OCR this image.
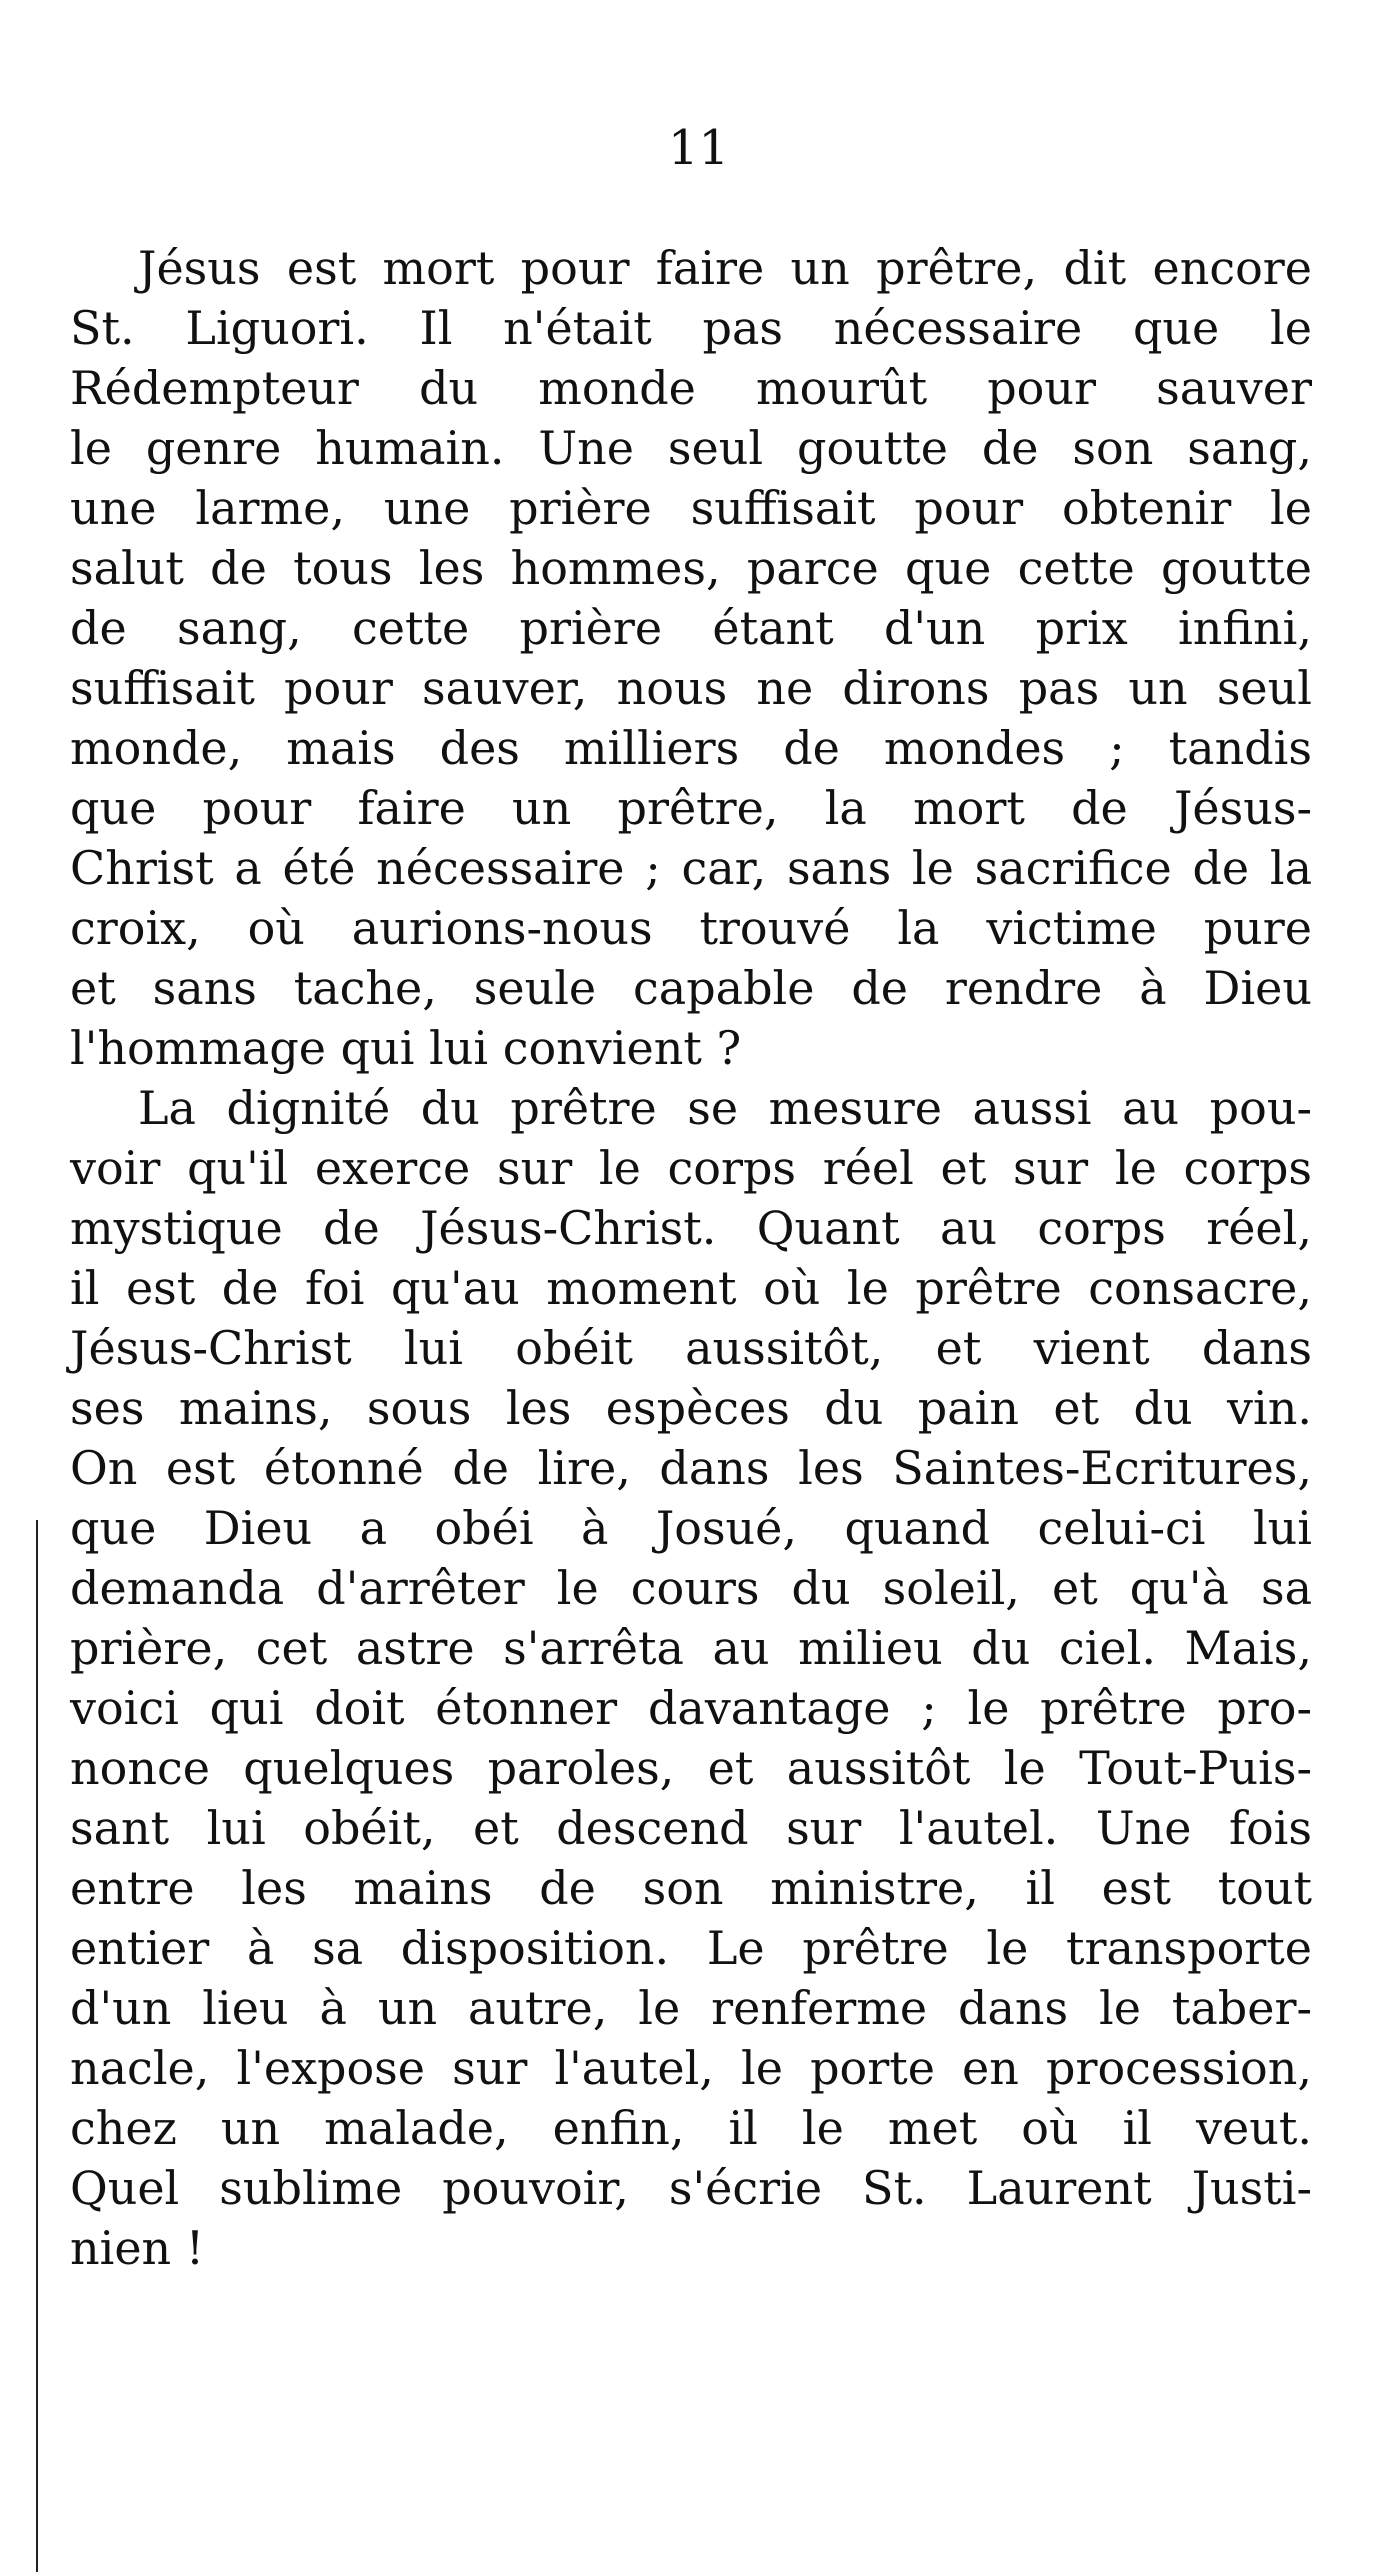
11
Jésus est mort pour faire un prêtre, dit encore
St. Liguori. Il n'était pas nécessaire que le
Rédempteur du monde mourût pour sauver
le genre humain. Une seul goutte de son sang,
une larme, une prière suffisait pour obtenir le
salut de tous les hommes, parce que cette goutte
de sang, cette prière étant d'un prix infini,
suffisait pour sauver, nous ne dirons pas un seul
monde, mais des milliers de mondes ; tandis
que pour faire un prêtre, la mort de Jésus-
Christ a été nécessaire ; car, sans le sacrifice de la
croix, où aurions-nous trouvé la victime pure
et sans tache, seule capable de rendre à Dieu
l'hommage qui lui convient ?
La dignité du prêtre se mesure aussi au pou-
voir qu'il exerce sur le corps réel et sur le corps
mystique de Jésus-Christ. Quant au corps réel,
il est de foi qu'au moment où le prêtre consacre,
Jésus-Christ lui obéit aussitôt, et vient dans
ses mains, sous les espèces du pain et du vin.
On est étonné de lire, dans les Saintes-Ecritures,
que Dieu a obéi à Josué, quand celui-ci lui
demanda d'arrêter le cours du soleil, et qu'à sa
prière, cet astre s'arrêta au milieu du ciel. Mais,
voici qui doit étonner davantage ; le prêtre pro-
nonce quelques paroles, et aussitôt le Tout-Puis-
sant lui obéit, et descend sur l'autel. Une fois
entre les mains de son ministre, il est tout
entier à sa disposition. Le prêtre le transporte
d'un lieu à un autre, le renferme dans le taber-
nacle, l'expose sur l'autel, le porte en procession,
chez un malade, enfin, il le met où il veut.
Quel sublime pouvoir, s'écrie St. Laurent Justi-
nien !
